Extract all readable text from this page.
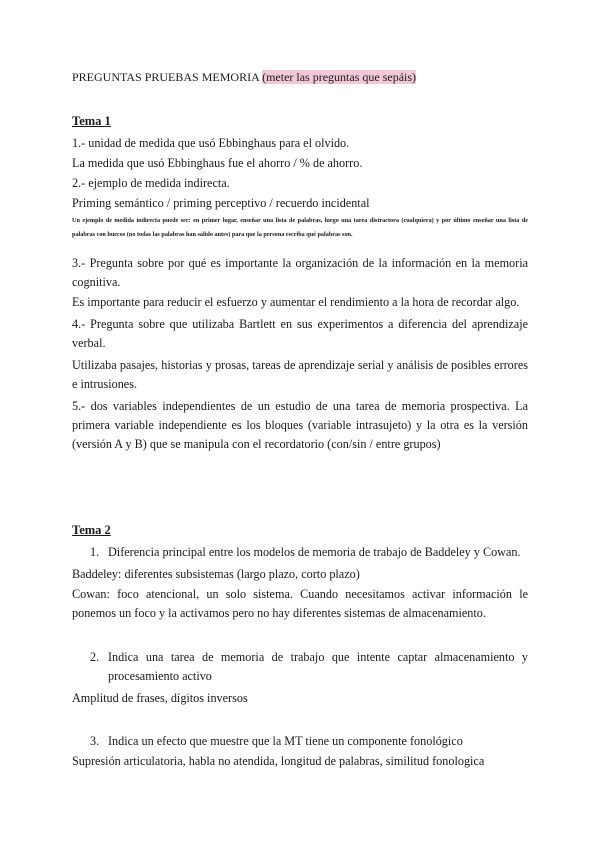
PREGUNTAS PRUEBAS MEMORIA (meter las preguntas que sepáis)
Tema 1
1.- unidad de medida que usó Ebbinghaus para el olvido.
La medida que usó Ebbinghaus fue el ahorro / % de ahorro.
2.- ejemplo de medida indirecta.
Priming semántico / priming perceptivo / recuerdo incidental
Un ejemplo de medida indirecta puede ser: en primer lugar, enseñar una lista de palabras, luego una tarea distractora (cualquiera) y por último enseñar una lista de palabras con huecos (no todas las palabras han salido antes) para que la persona escriba qué palabras son.
3.- Pregunta sobre por qué es importante la organización de la información en la memoria cognitiva.
Es importante para reducir el esfuerzo y aumentar el rendimiento a la hora de recordar algo.
4.- Pregunta sobre que utilizaba Bartlett en sus experimentos a diferencia del aprendizaje verbal.
Utilizaba pasajes, historias y prosas, tareas de aprendizaje serial y análisis de posibles errores e intrusiones.
5.- dos variables independientes de un estudio de una tarea de memoria prospectiva. La primera variable independiente es los bloques (variable intrasujeto) y la otra es la versión (versión A y B) que se manipula con el recordatorio (con/sin / entre grupos)
Tema 2
1. Diferencia principal entre los modelos de memoria de trabajo de Baddeley y Cowan.
Baddeley: diferentes subsistemas (largo plazo, corto plazo)
Cowan: foco atencional, un solo sistema. Cuando necesitamos activar información le ponemos un foco y la activamos pero no hay diferentes sistemas de almacenamiento.
2. Indica una tarea de memoria de trabajo que intente captar almacenamiento y procesamiento activo
Amplitud de frases, dígitos inversos
3. Indica un efecto que muestre que la MT tiene un componente fonológico
Supresión articulatoria, habla no atendida, longitud de palabras, similitud fonologica
